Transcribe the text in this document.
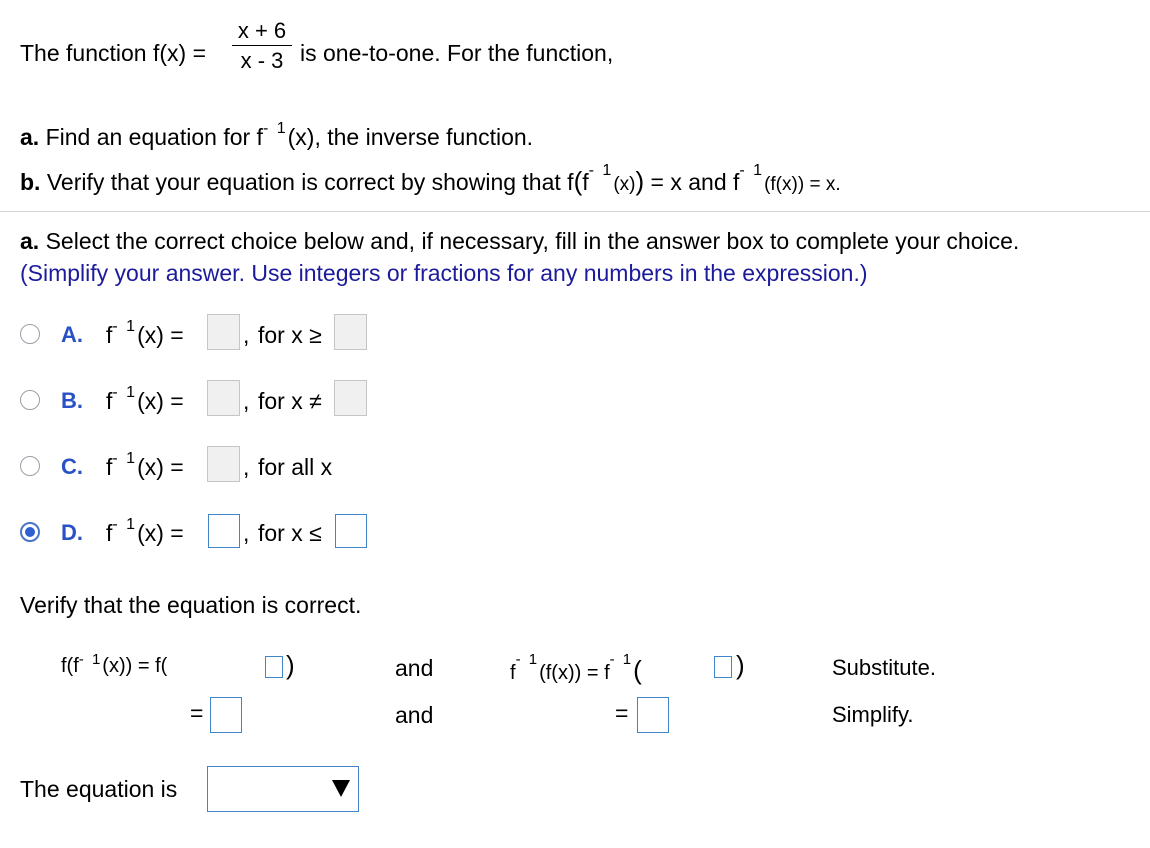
The function f(x) =
x + 6
x - 3 is one-to-one. For the function,
a. Find an equation for $f^{- 1}(x)$, the inverse function.
b. Verify that your equation is correct by showing that $f(f^{- 1}(x)) = x$ and $f^{- 1}(f(x)) = x$.
a. Select the correct choice below and, if necessary, fill in the answer box to complete your choice.
(Simplify your answer. Use integers or fractions for any numbers in the expression.)
A. $f^{- 1}(x)$ =	, for x ≥
B. $f^{- 1}(x)$ =	, for x ≠
C. $f^{- 1}(x)$ =	, for all x
D. $f^{- 1}(x)$ =	, for x ≤
Verify that the equation is correct.
$f(f^{- 1}(x)) = f$(	)	and	$f^{- 1}(f(x)) = f^{- 1}$(	)	Substitute.
=	and	=	Simplify.
The equation is
